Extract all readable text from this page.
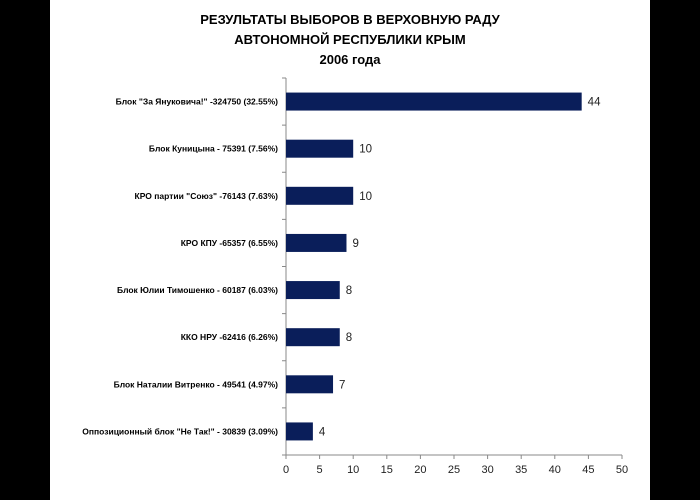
РЕЗУЛЬТАТЫ ВЫБОРОВ В ВЕРХОВНУЮ РАДУ
АВТОНОМНОЙ РЕСПУБЛИКИ КРЫМ
2006 года
0 5 10 15 20 25 30 35 40 45 50
Блок "За Януковича!" -324750 (32.55%)	44
Блок Куницына - 75391 (7.56%)	10
КРО партии "Союз" -76143 (7.63%)	10
КРО КПУ -65357 (6.55%)	9
Блок Юлии Тимошенко - 60187 (6.03%)	8
ККО НРУ -62416 (6.26%)	8
Блок Наталии Витренко - 49541 (4.97%)	7
Оппозиционный блок "Не Так!" - 30839 (3.09%)	4
